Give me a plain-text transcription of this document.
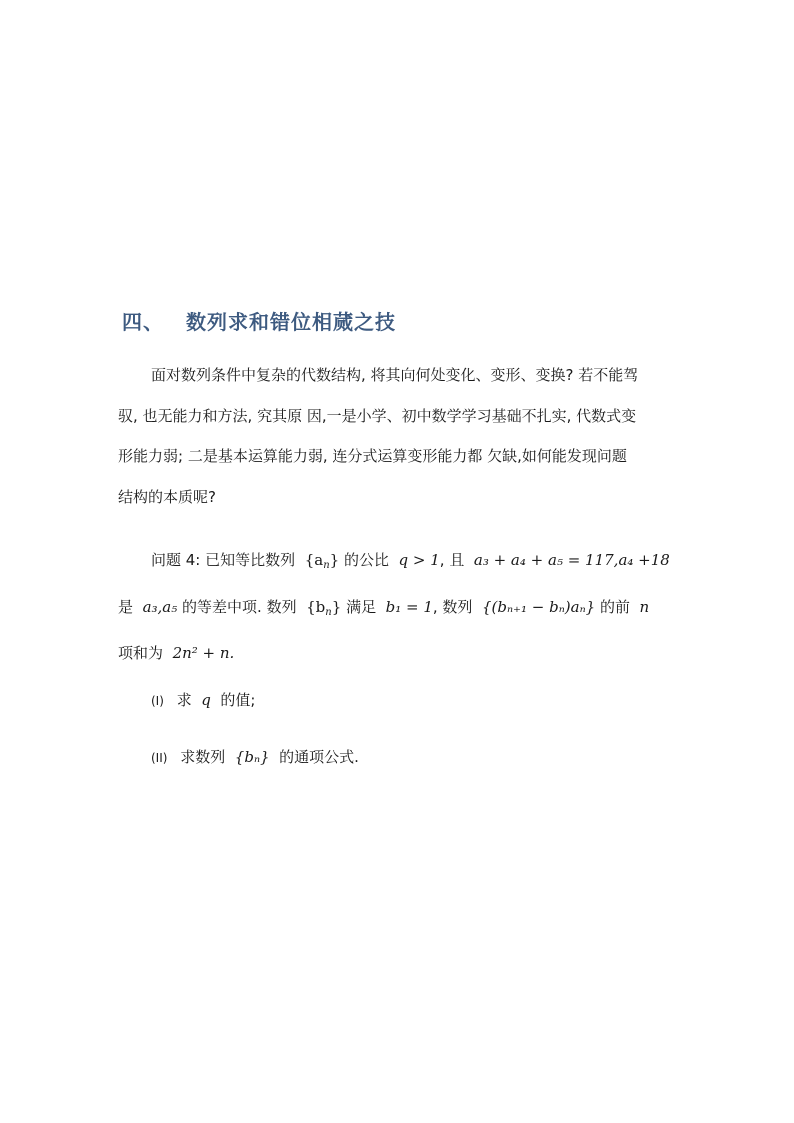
四、 数列求和错位相蒇之技
面对数列条件中复杂的代数结构, 将其向何处变化、变形、变换? 若不能驾
驭, 也无能力和方法, 究其原 因,一是小学、初中数学学习基础不扎实, 代数式变
形能力弱; 二是基本运算能力弱, 连分式运算变形能力都 欠缺,如何能发现问题
结构的本质呢?
问题 4: 已知等比数列 $\{a_n\}$ 的公比 q > 1, 且 a₃ + a₄ + a₅ = 117,a₄ +18
是 a₃,a₅ 的等差中项. 数列 $\{b_n\}$ 满足 b₁ = 1, 数列 {(bₙ₊₁ − bₙ)aₙ} 的前 n
项和为 2n² + n.
(I) 求 q 的值;
(II) 求数列 {bₙ} 的通项公式.
